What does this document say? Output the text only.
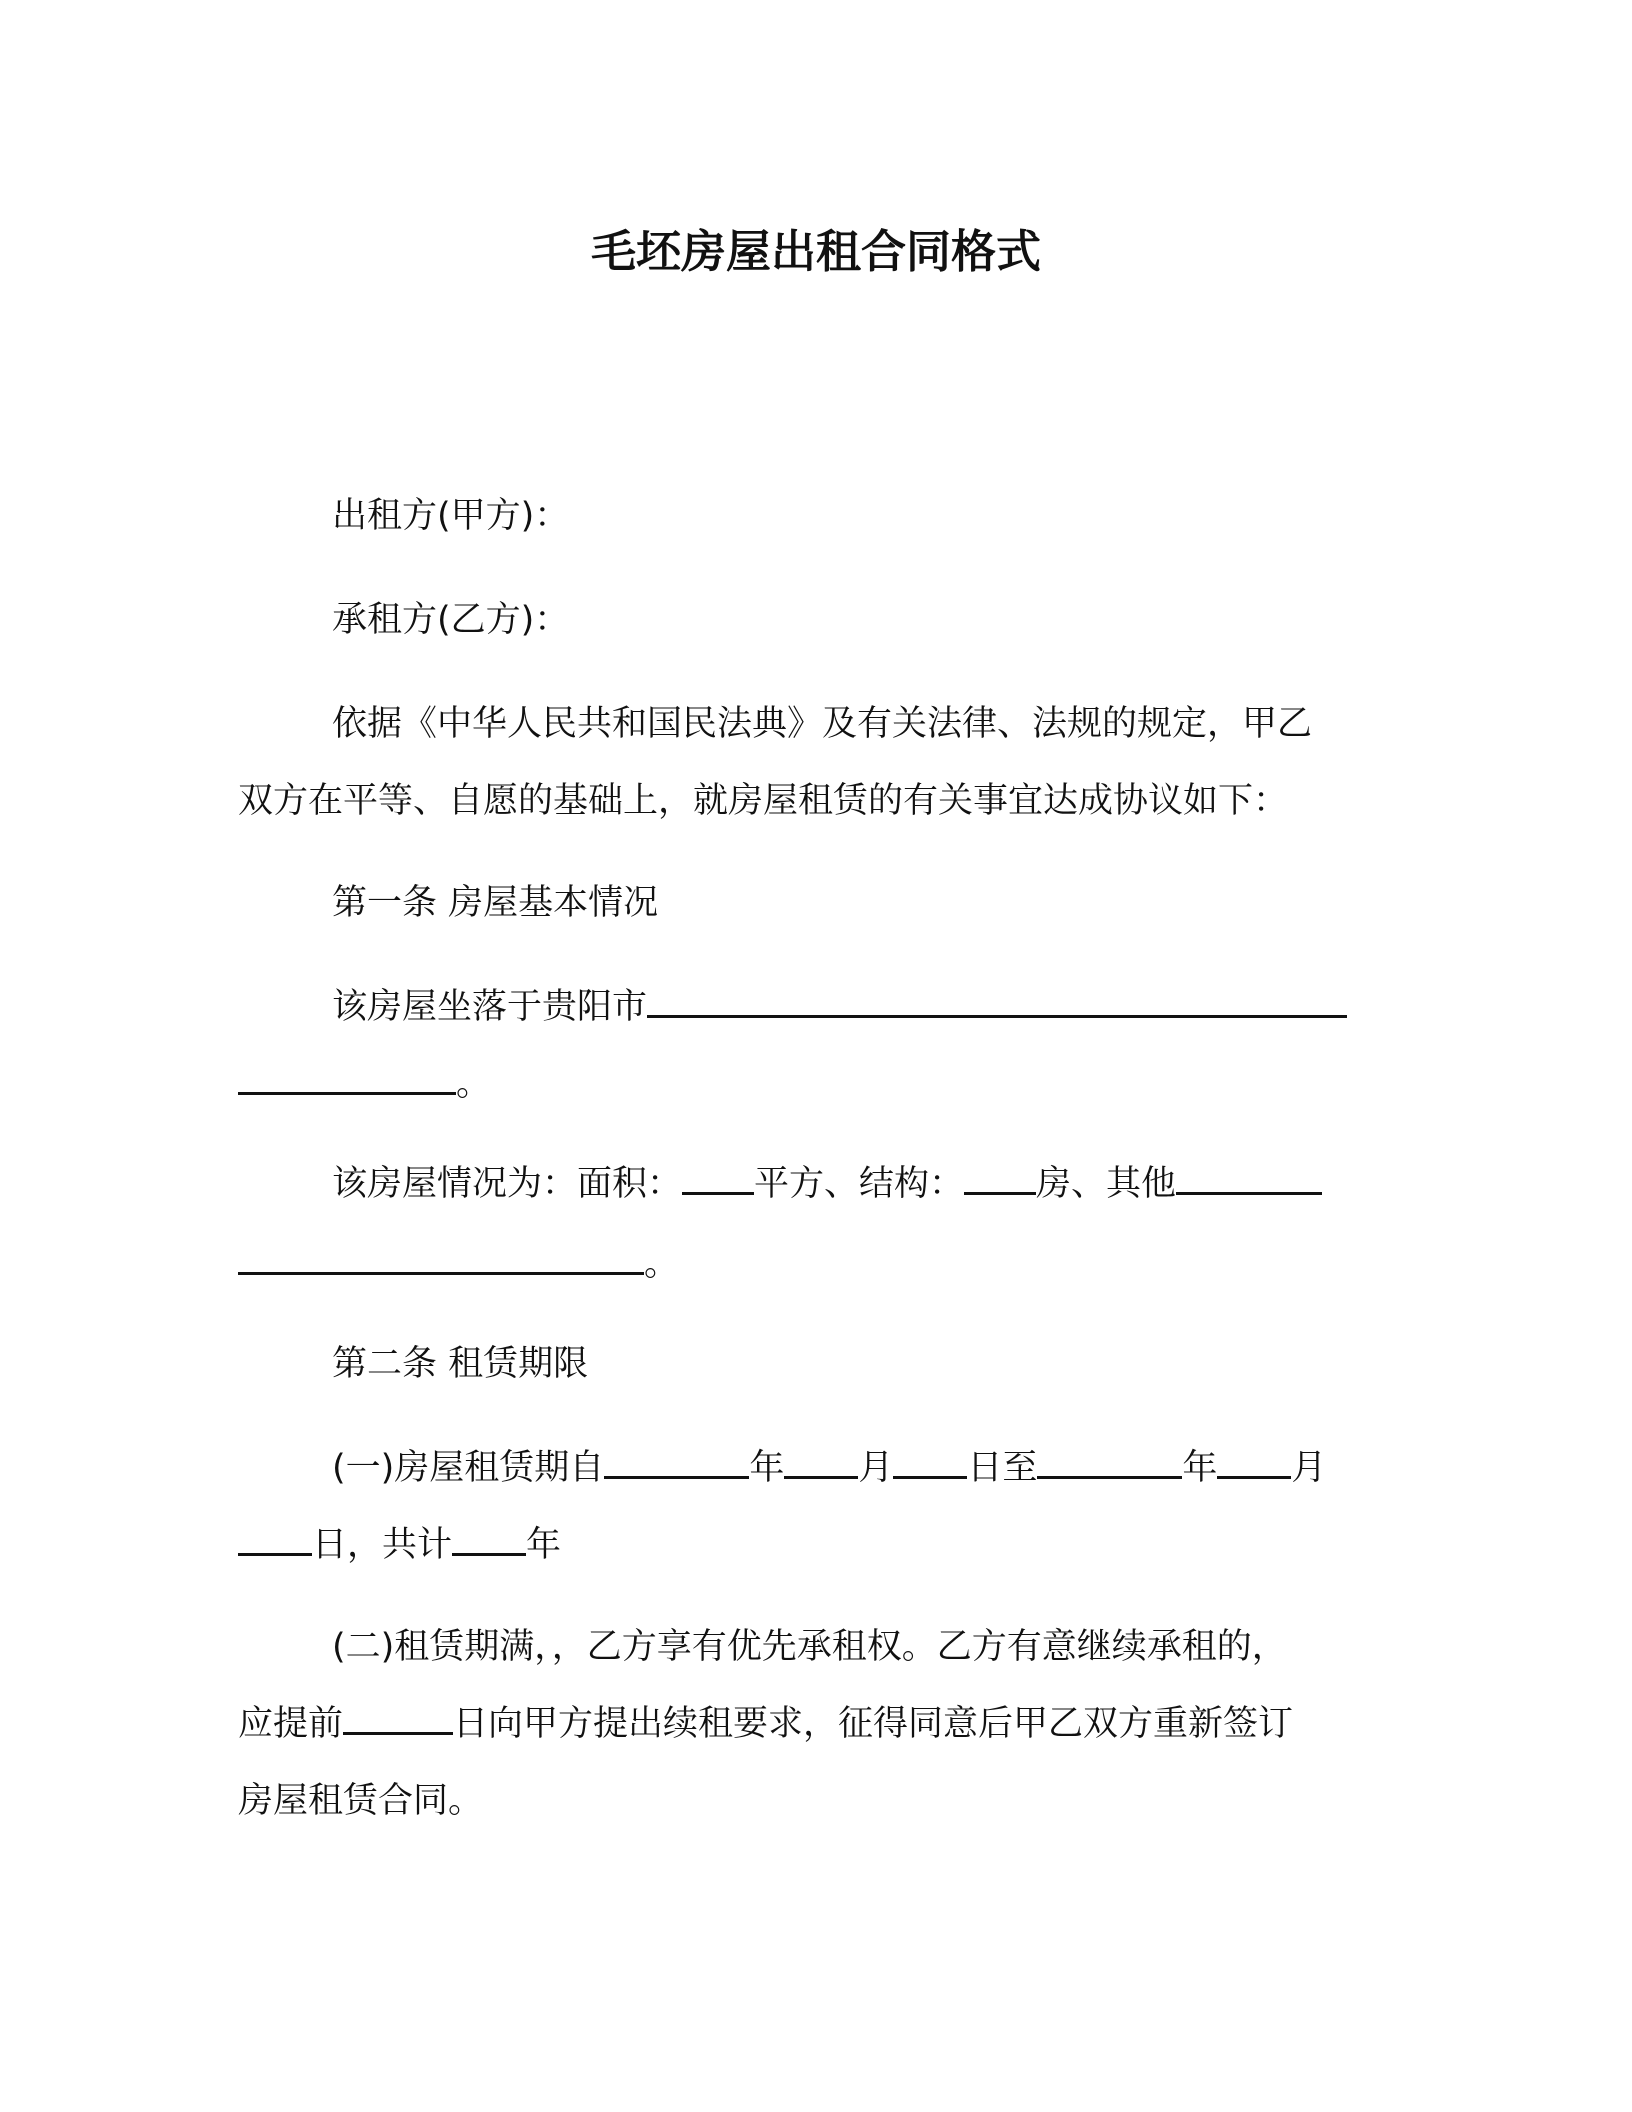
毛坯房屋出租合同格式
出租方(甲方)：
承租方(乙方)：
依据《中华人民共和国民法典》及有关法律、法规的规定，甲乙
双方在平等、自愿的基础上，就房屋租赁的有关事宜达成协议如下：
第一条 房屋基本情况
该房屋坐落于贵阳市
。
该房屋情况为：面积： 平方、结构： 房、其他
。
第二条 租赁期限
(一)房屋租赁期自	年 月 日至	年 月
日，共计 年
(二)租赁期满，，乙方享有优先承租权。乙方有意继续承租的，
应提前	日向甲方提出续租要求，征得同意后甲乙双方重新签订
房屋租赁合同。
